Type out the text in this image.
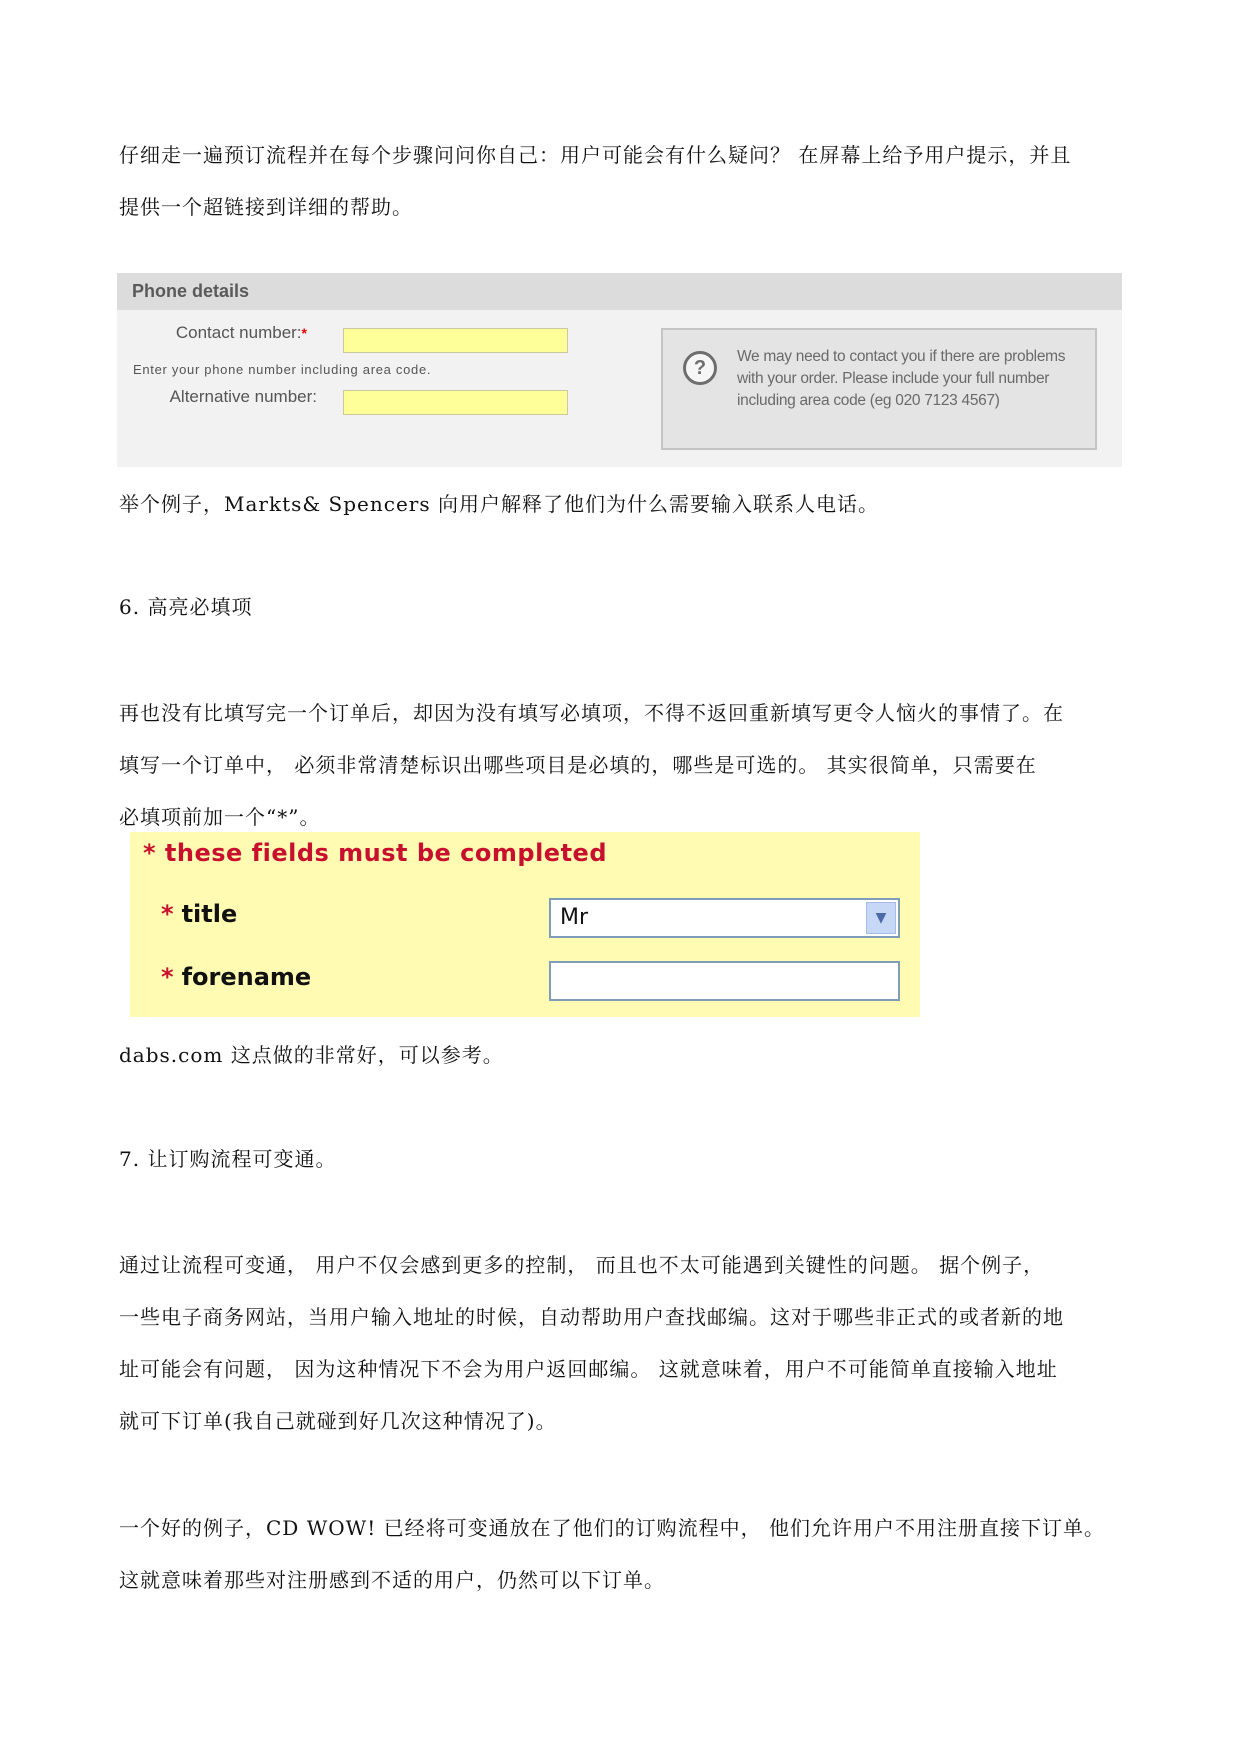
仔细走一遍预订流程并在每个步骤问问你自己：用户可能会有什么疑问？ 在屏幕上给予用户提示，并且
提供一个超链接到详细的帮助。
Phone details
Contact number:*
Enter your phone number including area code.
Alternative number:
?
We may need to contact you if there are problems with your order. Please include your full number including area code (eg 020 7123 4567)
举个例子，Markts& Spencers 向用户解释了他们为什么需要输入联系人电话。
6. 高亮必填项
再也没有比填写完一个订单后，却因为没有填写必填项，不得不返回重新填写更令人恼火的事情了。在
填写一个订单中， 必须非常清楚标识出哪些项目是必填的，哪些是可选的。 其实很简单，只需要在
必填项前加一个“*”。
* these fields must be completed
* title	Mr	▼
* forename
dabs.com 这点做的非常好，可以参考。
7. 让订购流程可变通。
通过让流程可变通， 用户不仅会感到更多的控制， 而且也不太可能遇到关键性的问题。 据个例子，
一些电子商务网站，当用户输入地址的时候，自动帮助用户查找邮编。这对于哪些非正式的或者新的地
址可能会有问题， 因为这种情况下不会为用户返回邮编。 这就意味着，用户不可能简单直接输入地址
就可下订单(我自己就碰到好几次这种情况了)。
一个好的例子，CD WOW! 已经将可变通放在了他们的订购流程中， 他们允许用户不用注册直接下订单。
这就意味着那些对注册感到不适的用户，仍然可以下订单。
